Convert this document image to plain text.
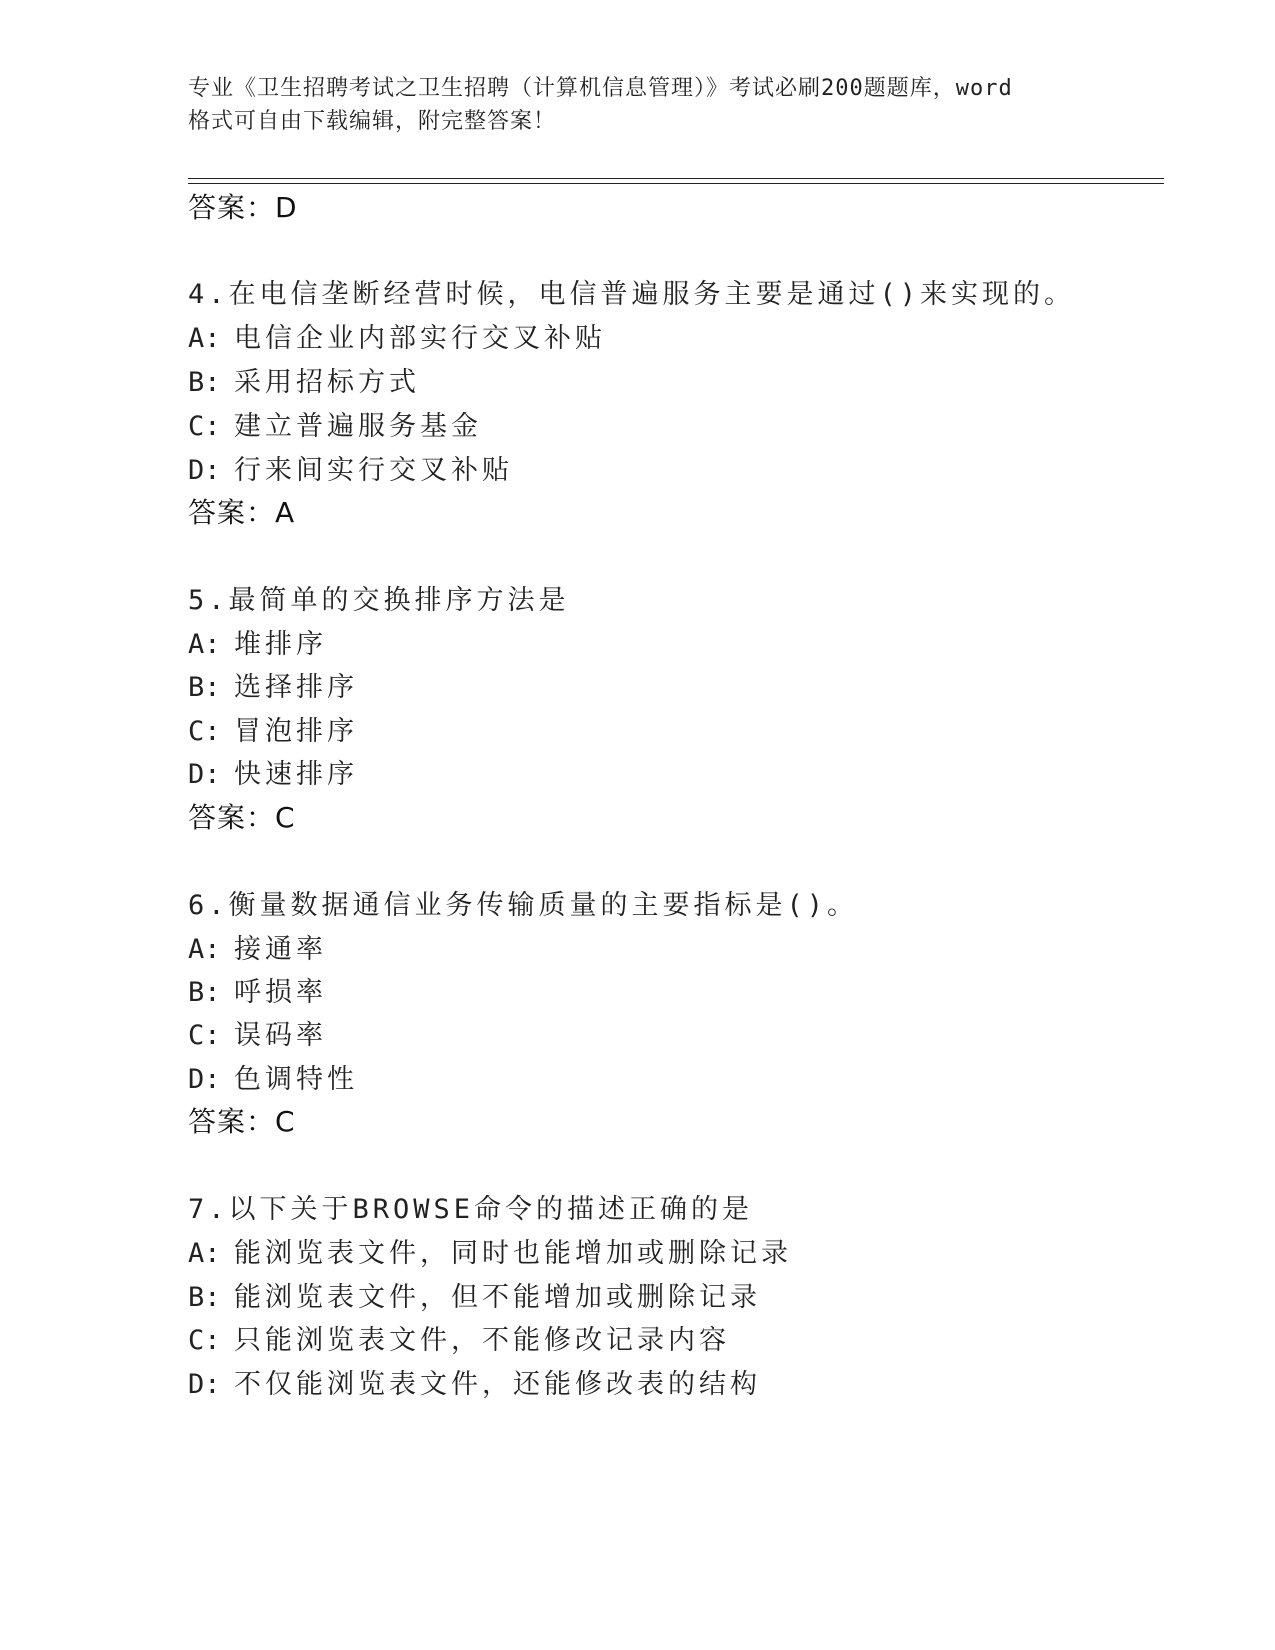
专业《卫生招聘考试之卫生招聘（计算机信息管理）》考试必刷200题题库，word
格式可自由下载编辑，附完整答案！
答案：D
4.在电信垄断经营时候，电信普遍服务主要是通过()来实现的。
A: 电信企业内部实行交叉补贴
B: 采用招标方式
C: 建立普遍服务基金
D: 行来间实行交叉补贴
答案：A
5.最简单的交换排序方法是
A: 堆排序
B: 选择排序
C: 冒泡排序
D: 快速排序
答案：C
6.衡量数据通信业务传输质量的主要指标是()。
A: 接通率
B: 呼损率
C: 误码率
D: 色调特性
答案：C
7.以下关于BROWSE命令的描述正确的是
A: 能浏览表文件，同时也能增加或删除记录
B: 能浏览表文件，但不能增加或删除记录
C: 只能浏览表文件，不能修改记录内容
D: 不仅能浏览表文件，还能修改表的结构
